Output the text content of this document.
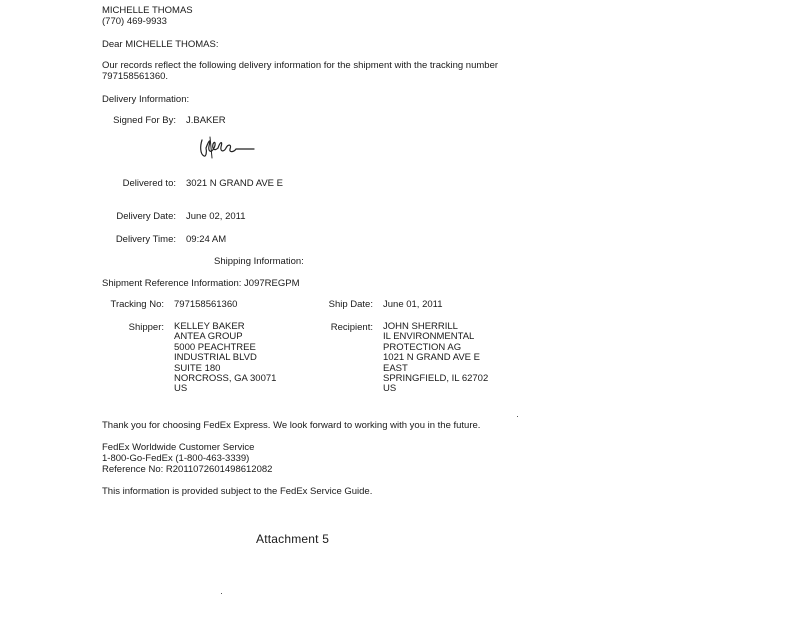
MICHELLE THOMAS
(770) 469-9933
Dear MICHELLE THOMAS:
Our records reflect the following delivery information for the shipment with the tracking number
797158561360.
Delivery Information:
Signed For By: J.BAKER
Delivered to: 3021 N GRAND AVE E
Delivery Date: June 02, 2011
Delivery Time: 09:24 AM
Shipping Information:
Shipment Reference Information: J097REGPM
Tracking No: 797158561360	Ship Date: June 01, 2011
Shipper: KELLEY BAKER
ANTEA GROUP
5000 PEACHTREE
INDUSTRIAL BLVD
SUITE 180
NORCROSS, GA 30071
US
Recipient: JOHN SHERRILL
IL ENVIRONMENTAL
PROTECTION AG
1021 N GRAND AVE E
EAST
SPRINGFIELD, IL 62702
US
Thank you for choosing FedEx Express. We look forward to working with you in the future.
FedEx Worldwide Customer Service
1-800-Go-FedEx (1-800-463-3339)
Reference No: R2011072601498612082
This information is provided subject to the FedEx Service Guide.
Attachment 5
